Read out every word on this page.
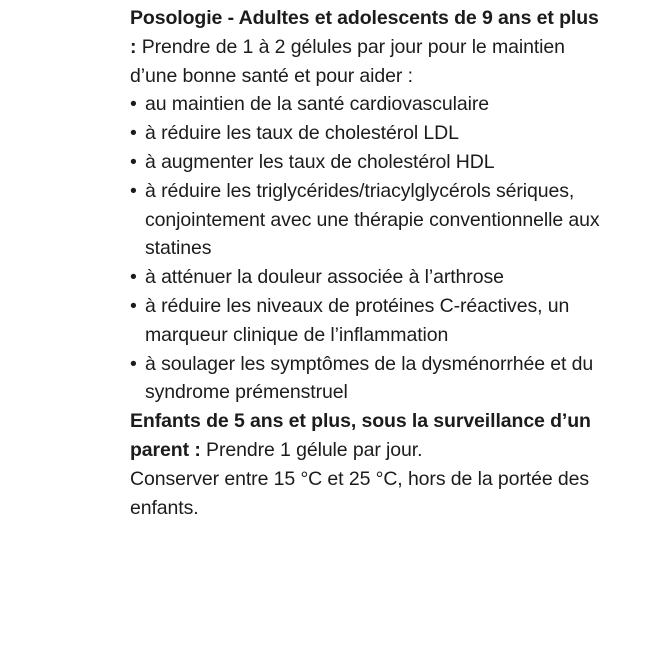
Posologie - Adultes et adolescents de 9 ans et plus : Prendre de 1 à 2 gélules par jour pour le maintien d’une bonne santé et pour aider :

• au maintien de la santé cardiovasculaire
• à réduire les taux de cholestérol LDL
• à augmenter les taux de cholestérol HDL
• à réduire les triglycérides/triacylglycérols sériques, conjointement avec une thérapie conventionnelle aux statines
• à atténuer la douleur associée à l’arthrose
• à réduire les niveaux de protéines C-réactives, un marqueur clinique de l’inflammation
• à soulager les symptômes de la dysménorrhée et du syndrome prémenstruel

Enfants de 5 ans et plus, sous la surveillance d’un parent : Prendre 1 gélule par jour.

Conserver entre 15 °C et 25 °C, hors de la portée des enfants.
